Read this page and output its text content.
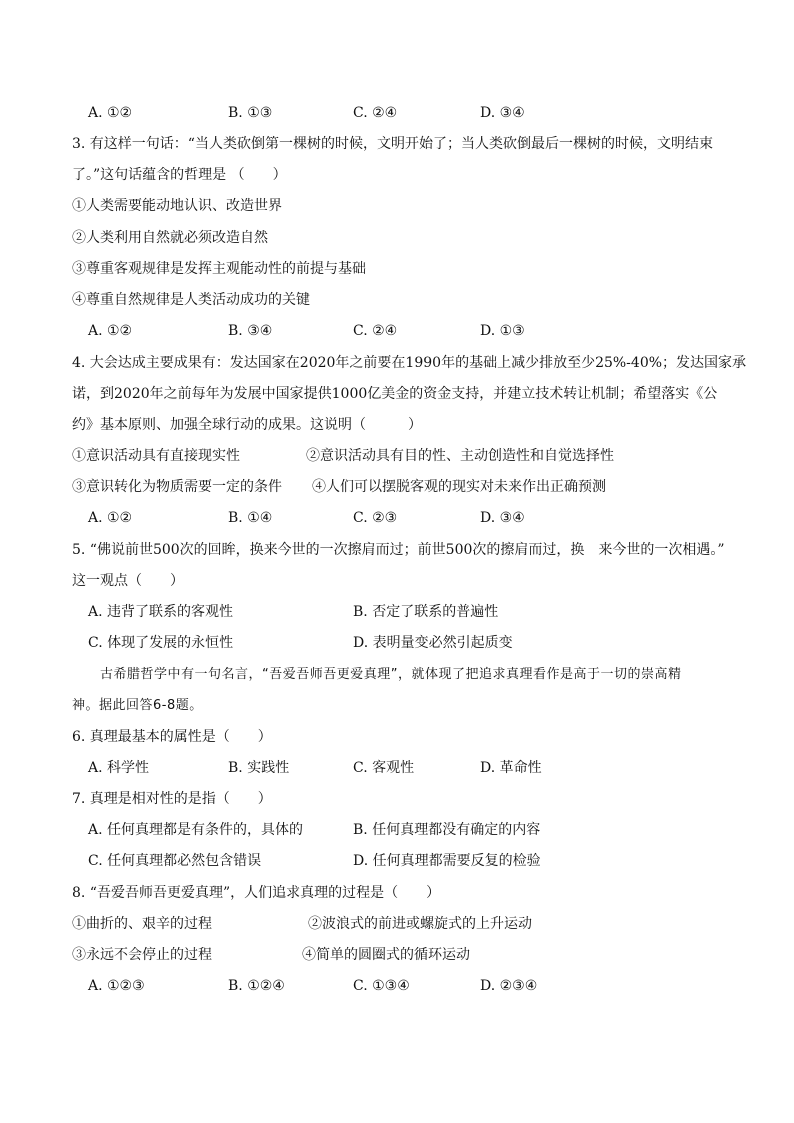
A. ①②	B. ①③	C. ②④	D. ③④
3. 有这样一句话：“当人类砍倒第一棵树的时候，文明开始了；当人类砍倒最后一棵树的时候，文明结束
了。”这句话蕴含的哲理是 （　　）
①人类需要能动地认识、改造世界
②人类利用自然就必须改造自然
③尊重客观规律是发挥主观能动性的前提与基础
④尊重自然规律是人类活动成功的关键
A. ①②	B. ③④	C. ②④	D. ①③
4. 大会达成主要成果有：发达国家在2020年之前要在1990年的基础上减少排放至少25%-40%；发达国家承
诺，到2020年之前每年为发展中国家提供1000亿美金的资金支持，并建立技术转让机制；希望落实《公
约》基本原则、加强全球行动的成果。这说明（　　　）
①意识活动具有直接现实性	②意识活动具有目的性、主动创造性和自觉选择性
③意识转化为物质需要一定的条件 ④人们可以摆脱客观的现实对未来作出正确预测
A. ①②	B. ①④	C. ②③	D. ③④
5. “佛说前世500次的回眸，换来今世的一次擦肩而过；前世500次的擦肩而过，换　来今世的一次相遇。”
这一观点（　　）
A. 违背了联系的客观性	B. 否定了联系的普遍性
C. 体现了发展的永恒性	D. 表明量变必然引起质变
古希腊哲学中有一句名言，“吾爱吾师吾更爱真理”，就体现了把追求真理看作是高于一切的崇高精
神。据此回答6-8题。
6. 真理最基本的属性是（　　）
A. 科学性	B. 实践性	C. 客观性	D. 革命性
7. 真理是相对性的是指（　　）
A. 任何真理都是有条件的，具体的	B. 任何真理都没有确定的内容
C. 任何真理都必然包含错误	D. 任何真理都需要反复的检验
8. “吾爱吾师吾更爱真理”，人们追求真理的过程是（　　）
①曲折的、艰辛的过程	②波浪式的前进或螺旋式的上升运动
③永远不会停止的过程	④简单的圆圈式的循环运动
A. ①②③	B. ①②④	C. ①③④	D. ②③④
